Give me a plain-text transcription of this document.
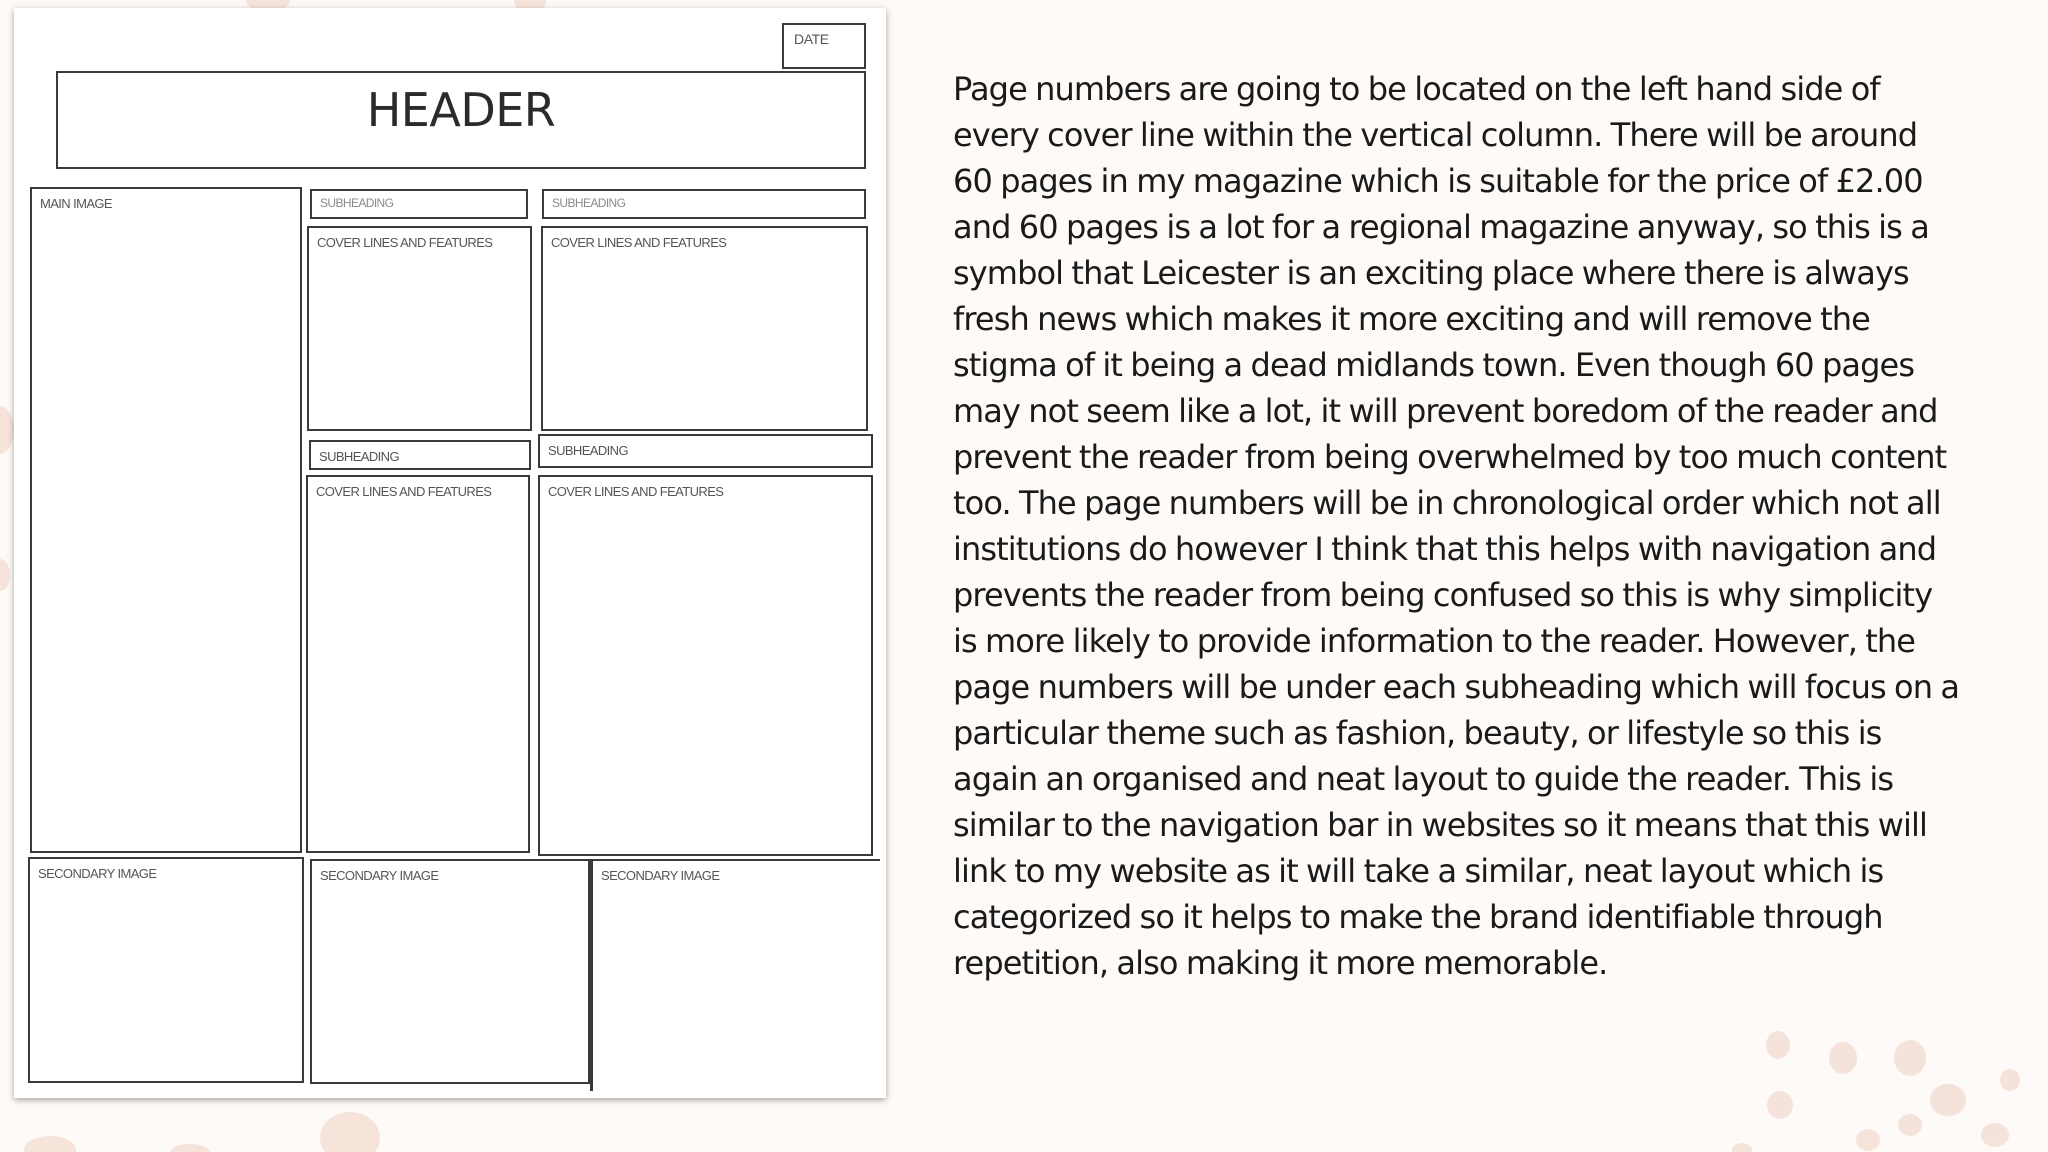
DATE
HEADER
MAIN IMAGE	SUBHEADING	SUBHEADING
COVER LINES AND FEATURES	COVER LINES AND FEATURES
SUBHEADING	SUBHEADING
COVER LINES AND FEATURES	COVER LINES AND FEATURES
SECONDARY IMAGE	SECONDARY IMAGE	SECONDARY IMAGE

Page numbers are going to be located on the left hand side of every cover line within the vertical column. There will be around 60 pages in my magazine which is suitable for the price of £2.00 and 60 pages is a lot for a regional magazine anyway, so this is a symbol that Leicester is an exciting place where there is always fresh news which makes it more exciting and will remove the stigma of it being a dead midlands town. Even though 60 pages may not seem like a lot, it will prevent boredom of the reader and prevent the reader from being overwhelmed by too much content too. The page numbers will be in chronological order which not all institutions do however I think that this helps with navigation and prevents the reader from being confused so this is why simplicity is more likely to provide information to the reader. However, the page numbers will be under each subheading which will focus on a particular theme such as fashion, beauty, or lifestyle so this is again an organised and neat layout to guide the reader. This is similar to the navigation bar in websites so it means that this will link to my website as it will take a similar, neat layout which is categorized so it helps to make the brand identifiable through repetition, also making it more memorable.
